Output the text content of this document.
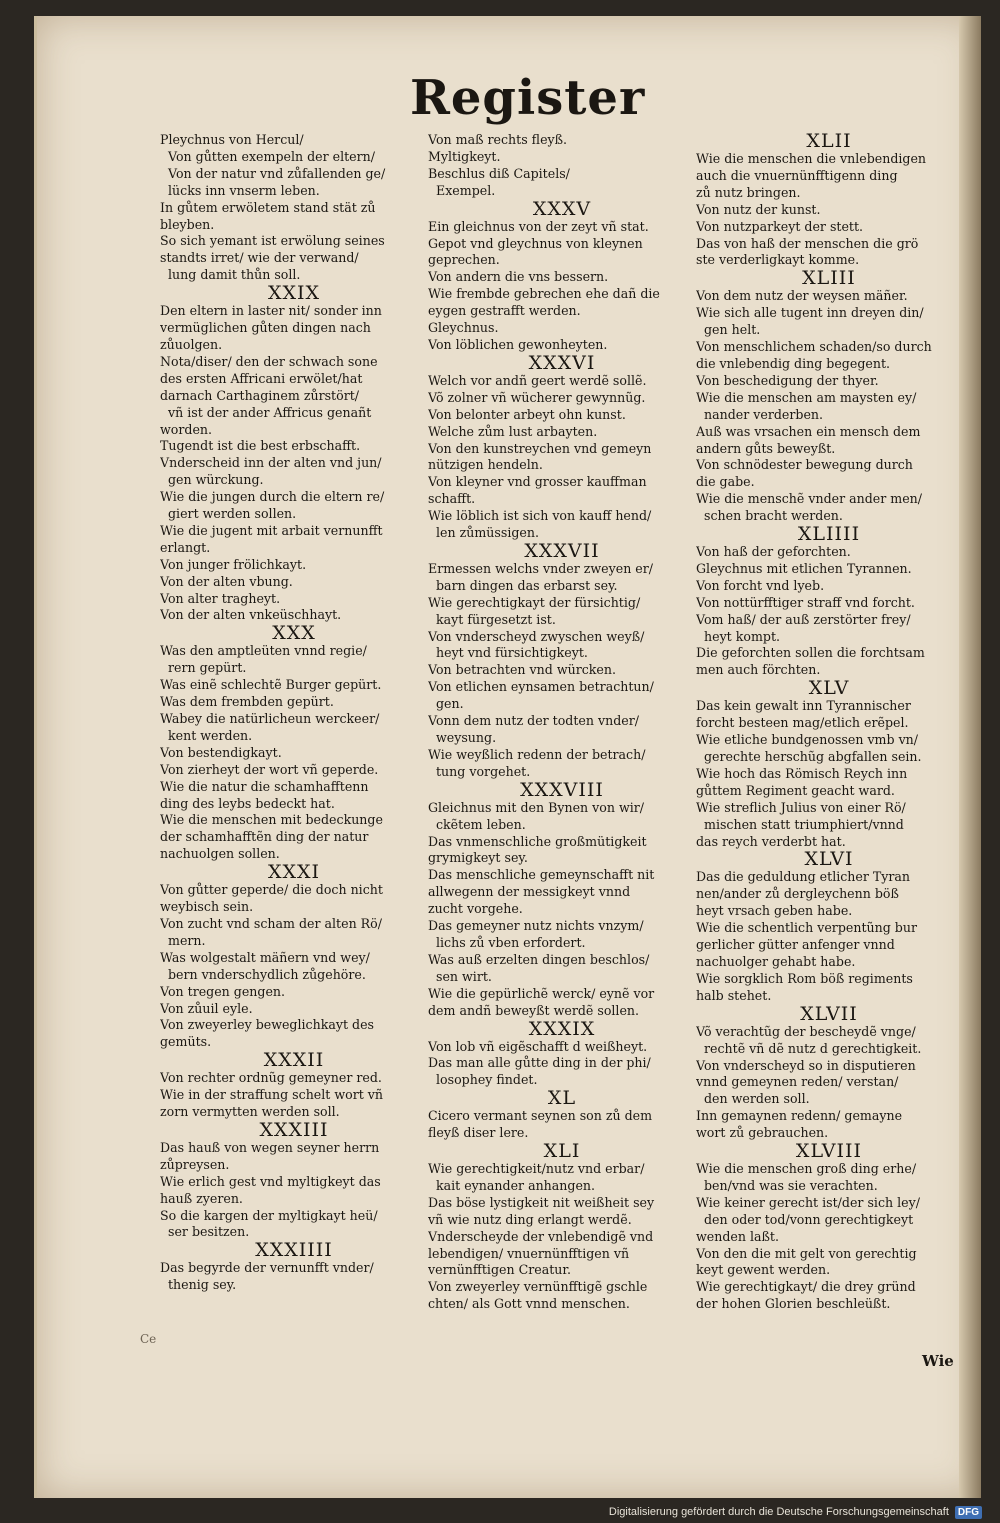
Register
Pleychnus von Hercul/
Von gůtten exempeln der eltern/
Von der natur vnd zůfallenden ge/
lücks inn vnserm leben.
In gůtem erwöletem stand stät zů
bleyben.
So sich yemant ist erwölung seines
standts irret/ wie der verwand/
lung damit thůn soll.
XXIX
Den eltern in laster nit/ sonder inn
vermüglichen gůten dingen nach
zůuolgen.
Nota/diser/ den der schwach sone
des ersten Affricani erwölet/hat
darnach Carthaginem zůrstört/
vñ ist der ander Affricus genañt
worden.
Tugendt ist die best erbschafft.
Vnderscheid inn der alten vnd jun/
gen würckung.
Wie die jungen durch die eltern re/
giert werden sollen.
Wie die jugent mit arbait vernunfft
erlangt.
Von junger frölichkayt.
Von der alten vbung.
Von alter tragheyt.
Von der alten vnkeüschhayt.
XXX
Was den amptleüten vnnd regie/
rern gepürt.
Was einẽ schlechtẽ Burger gepürt.
Was dem frembden gepürt.
Wabey die natürlicheun werckeer/
kent werden.
Von bestendigkayt.
Von zierheyt der wort vñ geperde.
Wie die natur die schamhafftenn
ding des leybs bedeckt hat.
Wie die menschen mit bedeckunge
der schamhafftẽn ding der natur
nachuolgen sollen.
XXXI
Von gůtter geperde/ die doch nicht
weybisch sein.
Von zucht vnd scham der alten Rö/
mern.
Was wolgestalt mäñern vnd wey/
bern vnderschydlich zůgehöre.
Von tregen gengen.
Von zůuil eyle.
Von zweyerley beweglichkayt des
gemüts.
XXXII
Von rechter ordnũg gemeyner red.
Wie in der straffung schelt wort vñ
zorn vermytten werden soll.
XXXIII
Das hauß von wegen seyner herrn
zůpreysen.
Wie erlich gest vnd myltigkeyt das
hauß zyeren.
So die kargen der myltigkayt heü/
ser besitzen.
XXXIIII
Das begyrde der vernunfft vnder/
thenig sey.
Von maß rechts fleyß.
Myltigkeyt.
Beschlus diß Capitels/
Exempel.
XXXV
Ein gleichnus von der zeyt vñ stat.
Gepot vnd gleychnus von kleynen
geprechen.
Von andern die vns bessern.
Wie frembde gebrechen ehe dañ die
eygen gestrafft werden.
Gleychnus.
Von löblichen gewonheyten.
XXXVI
Welch vor andñ geert werdẽ sollẽ.
Võ zolner vñ wücherer gewynnũg.
Von belonter arbeyt ohn kunst.
Welche zům lust arbayten.
Von den kunstreychen vnd gemeyn
nützigen hendeln.
Von kleyner vnd grosser kauffman
schafft.
Wie löblich ist sich von kauff hend/
len zůmüssigen.
XXXVII
Ermessen welchs vnder zweyen er/
barn dingen das erbarst sey.
Wie gerechtigkayt der fürsichtig/
kayt fürgesetzt ist.
Von vnderscheyd zwyschen weyß/
heyt vnd fürsichtigkeyt.
Von betrachten vnd würcken.
Von etlichen eynsamen betrachtun/
gen.
Vonn dem nutz der todten vnder/
weysung.
Wie weyßlich redenn der betrach/
tung vorgehet.
XXXVIII
Gleichnus mit den Bynen von wir/
ckẽtem leben.
Das vnmenschliche großmütigkeit
grymigkeyt sey.
Das menschliche gemeynschafft nit
allwegenn der messigkeyt vnnd
zucht vorgehe.
Das gemeyner nutz nichts vnzym/
lichs zů vben erfordert.
Was auß erzelten dingen beschlos/
sen wirt.
Wie die gepürlichẽ werck/ eynẽ vor
dem andñ beweyßt werdẽ sollen.
XXXIX
Von lob vñ eigẽschafft d weißheyt.
Das man alle gůtte ding in der phi/
losophey findet.
XL
Cicero vermant seynen son zů dem
fleyß diser lere.
XLI
Wie gerechtigkeit/nutz vnd erbar/
kait eynander anhangen.
Das böse lystigkeit nit weißheit sey
vñ wie nutz ding erlangt werdẽ.
Vnderscheyde der vnlebendigẽ vnd
lebendigen/ vnuernünfftigen vñ
vernünfftigen Creatur.
Von zweyerley vernünfftigẽ gschle
chten/ als Gott vnnd menschen.
XLII
Wie die menschen die vnlebendigen
auch die vnuernünfftigenn ding
zů nutz bringen.
Von nutz der kunst.
Von nutzparkeyt der stett.
Das von haß der menschen die grö
ste verderligkayt komme.
XLIII
Von dem nutz der weysen mäñer.
Wie sich alle tugent inn dreyen din/
gen helt.
Von menschlichem schaden/so durch
die vnlebendig ding begegent.
Von beschedigung der thyer.
Wie die menschen am maysten ey/
nander verderben.
Auß was vrsachen ein mensch dem
andern gůts beweyßt.
Von schnödester bewegung durch
die gabe.
Wie die menschẽ vnder ander men/
schen bracht werden.
XLIIII
Von haß der geforchten.
Gleychnus mit etlichen Tyrannen.
Von forcht vnd lyeb.
Von nottürfftiger straff vnd forcht.
Vom haß/ der auß zerstörter frey/
heyt kompt.
Die geforchten sollen die forchtsam
men auch förchten.
XLV
Das kein gewalt inn Tyrannischer
forcht besteen mag/etlich erẽpel.
Wie etliche bundgenossen vmb vn/
gerechte herschũg abgfallen sein.
Wie hoch das Römisch Reych inn
gůttem Regiment geacht ward.
Wie streflich Julius von einer Rö/
mischen statt triumphiert/vnnd
das reych verderbt hat.
XLVI
Das die geduldung etlicher Tyran
nen/ander zů dergleychenn böß
heyt vrsach geben habe.
Wie die schentlich verpentũng bur
gerlicher gütter anfenger vnnd
nachuolger gehabt habe.
Wie sorgklich Rom böß regiments
halb stehet.
XLVII
Võ verachtũg der bescheydẽ vnge/
rechtẽ vñ dẽ nutz d gerechtigkeit.
Von vnderscheyd so in disputieren
vnnd gemeynen reden/ verstan/
den werden soll.
Inn gemaynen redenn/ gemayne
wort zů gebrauchen.
XLVIII
Wie die menschen groß ding erhe/
ben/vnd was sie verachten.
Wie keiner gerecht ist/der sich ley/
den oder tod/vonn gerechtigkeyt
wenden laßt.
Von den die mit gelt von gerechtig
keyt gewent werden.
Wie gerechtigkayt/ die drey gründ
der hohen Glorien beschleüßt.
Ce
Wie
Digitalisierung gefördert durch die Deutsche Forschungsgemeinschaft DFG
